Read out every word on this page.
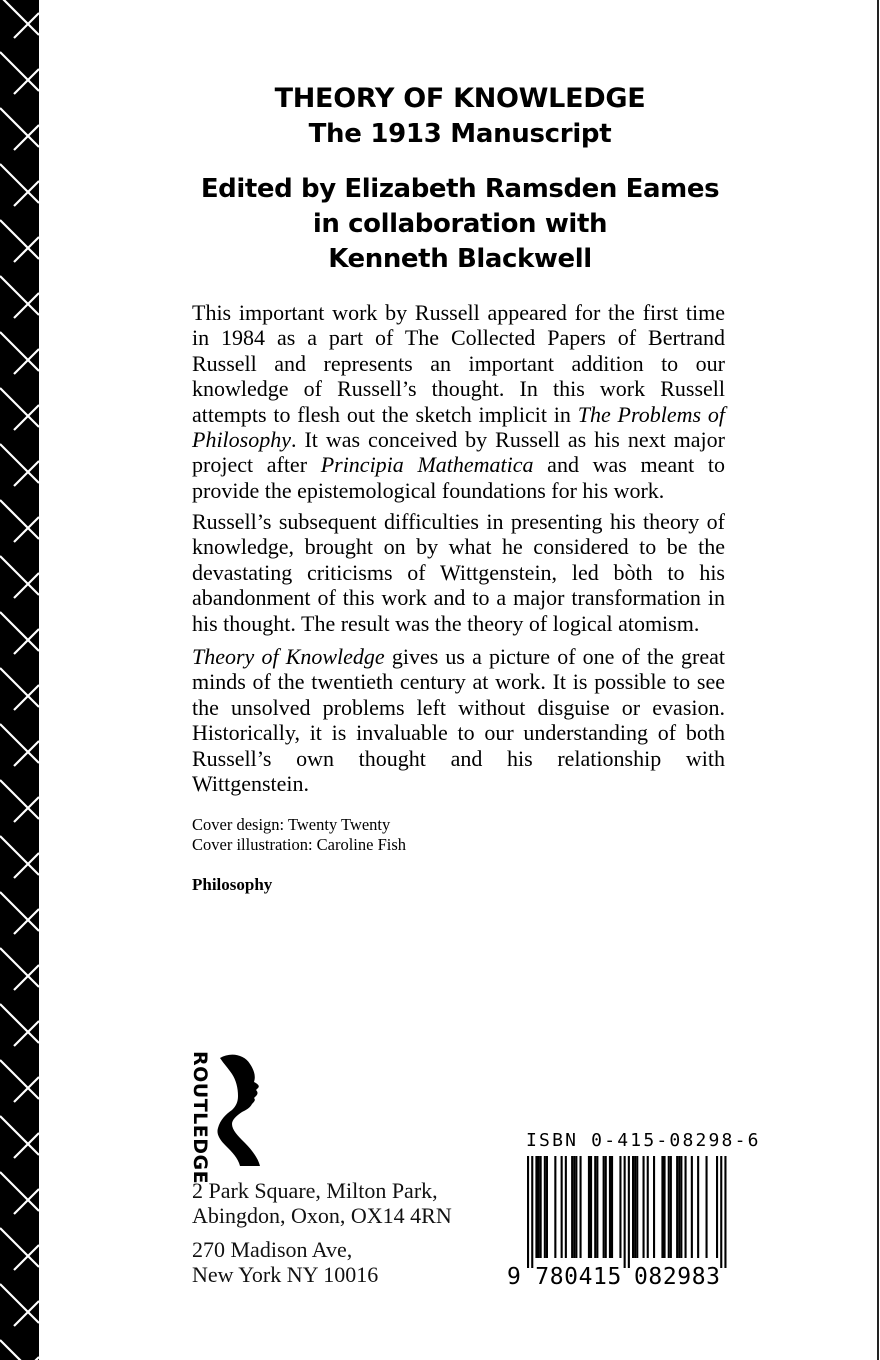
THEORY OF KNOWLEDGE
The 1913 Manuscript
Edited by Elizabeth Ramsden Eames
in collaboration with
Kenneth Blackwell

This important work by Russell appeared for the first time in 1984 as a part of The Collected Papers of Bertrand Russell and represents an important addition to our knowledge of Russell’s thought. In this work Russell attempts to flesh out the sketch implicit in The Problems of Philosophy. It was conceived by Russell as his next major project after Principia Mathematica and was meant to provide the epistemological foundations for his work.

Russell’s subsequent difficulties in presenting his theory of knowledge, brought on by what he considered to be the devastating criticisms of Wittgenstein, led bòth to his abandonment of this work and to a major transformation in his thought. The result was the theory of logical atomism.

Theory of Knowledge gives us a picture of one of the great minds of the twentieth century at work. It is possible to see the unsolved problems left without disguise or evasion. Historically, it is invaluable to our understanding of both Russell’s own thought and his relationship with Wittgenstein.

Cover design: Twenty Twenty
Cover illustration: Caroline Fish
Philosophy
ROUTLEDGE
2 Park Square, Milton Park,
Abingdon, Oxon, OX14 4RN
270 Madison Ave,
New York NY 10016
ISBN 0-415-08298-6
9 780415 082983
